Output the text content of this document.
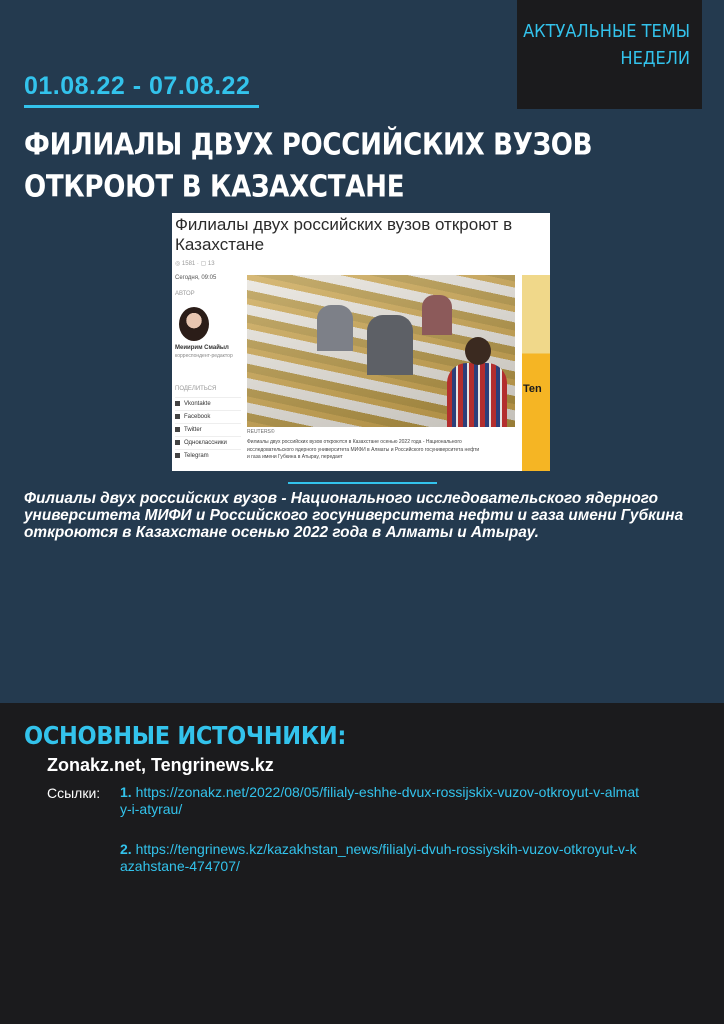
АКТУАЛЬНЫЕ ТЕМЫ
НЕДЕЛИ
01.08.22 - 07.08.22
ФИЛИАЛЫ ДВУХ РОССИЙСКИХ ВУЗОВ ОТКРОЮТ В КАЗАХСТАНЕ
Филиалы двух российских вузов откроют в Казахстане
◎ 1581 · ▢ 13
Сегодня, 09:05
АВТОР
Меиирим Смайыл
корреспондент-редактор
ПОДЕЛИТЬСЯ
Vkontakte
Facebook
Twitter
Одноклассники
Telegram
REUTERS©
Филиалы двух российских вузов откроются в Казахстане осенью 2022 года - Национального исследовательского ядерного университета МИФИ в Алматы и Российского госуниверситета нефти и газа имени Губкина в Атырау, передает
Ten
Филиалы двух российских вузов - Национального исследовательского ядерного университета МИФИ и Российского госуниверситета нефти и газа имени Губкина откроются в Казахстане осенью 2022 года в Алматы и Атырау.
ОСНОВНЫЕ ИСТОЧНИКИ:
Zonakz.net, Tengrinews.kz
Ссылки: 1. https://zonakz.net/2022/08/05/filialy-eshhe-dvux-rossijskix-vuzov-otkroyut-v-almaty-i-atyrau/
2. https://tengrinews.kz/kazakhstan_news/filialyi-dvuh-rossiyskih-vuzov-otkroyut-v-kazahstane-474707/
